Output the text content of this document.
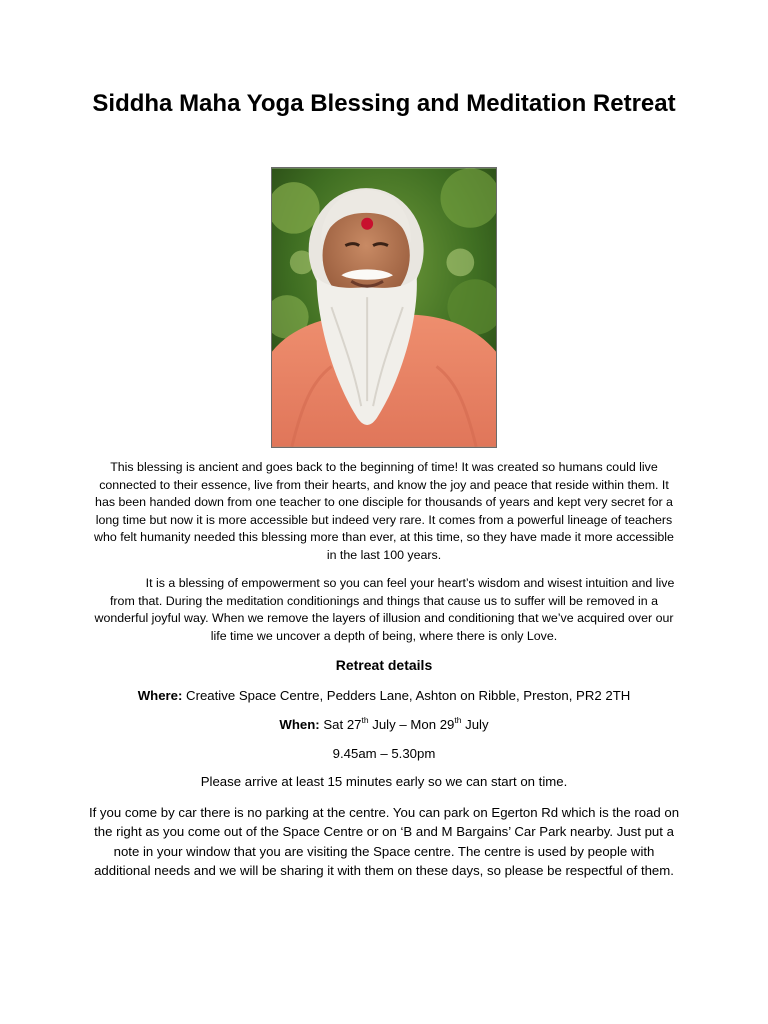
Siddha Maha Yoga Blessing and Meditation Retreat

This blessing is ancient and goes back to the beginning of time! It was created so humans could live connected to their essence, live from their hearts, and know the joy and peace that reside within them. It has been handed down from one teacher to one disciple for thousands of years and kept very secret for a long time but now it is more accessible but indeed very rare. It comes from a powerful lineage of teachers who felt humanity needed this blessing more than ever, at this time, so they have made it more accessible in the last 100 years.

It is a blessing of empowerment so you can feel your heart’s wisdom and wisest intuition and live from that. During the meditation conditionings and things that cause us to suffer will be removed in a wonderful joyful way. When we remove the layers of illusion and conditioning that we’ve acquired over our life time we uncover a depth of being, where there is only Love.

Retreat details

Where: Creative Space Centre, Pedders Lane, Ashton on Ribble, Preston, PR2 2TH

When: Sat 27th July – Mon 29th July

9.45am – 5.30pm

Please arrive at least 15 minutes early so we can start on time.

If you come by car there is no parking at the centre. You can park on Egerton Rd which is the road on the right as you come out of the Space Centre or on ‘B and M Bargains’ Car Park nearby. Just put a note in your window that you are visiting the Space centre. The centre is used by people with additional needs and we will be sharing it with them on these days, so please be respectful of them.
